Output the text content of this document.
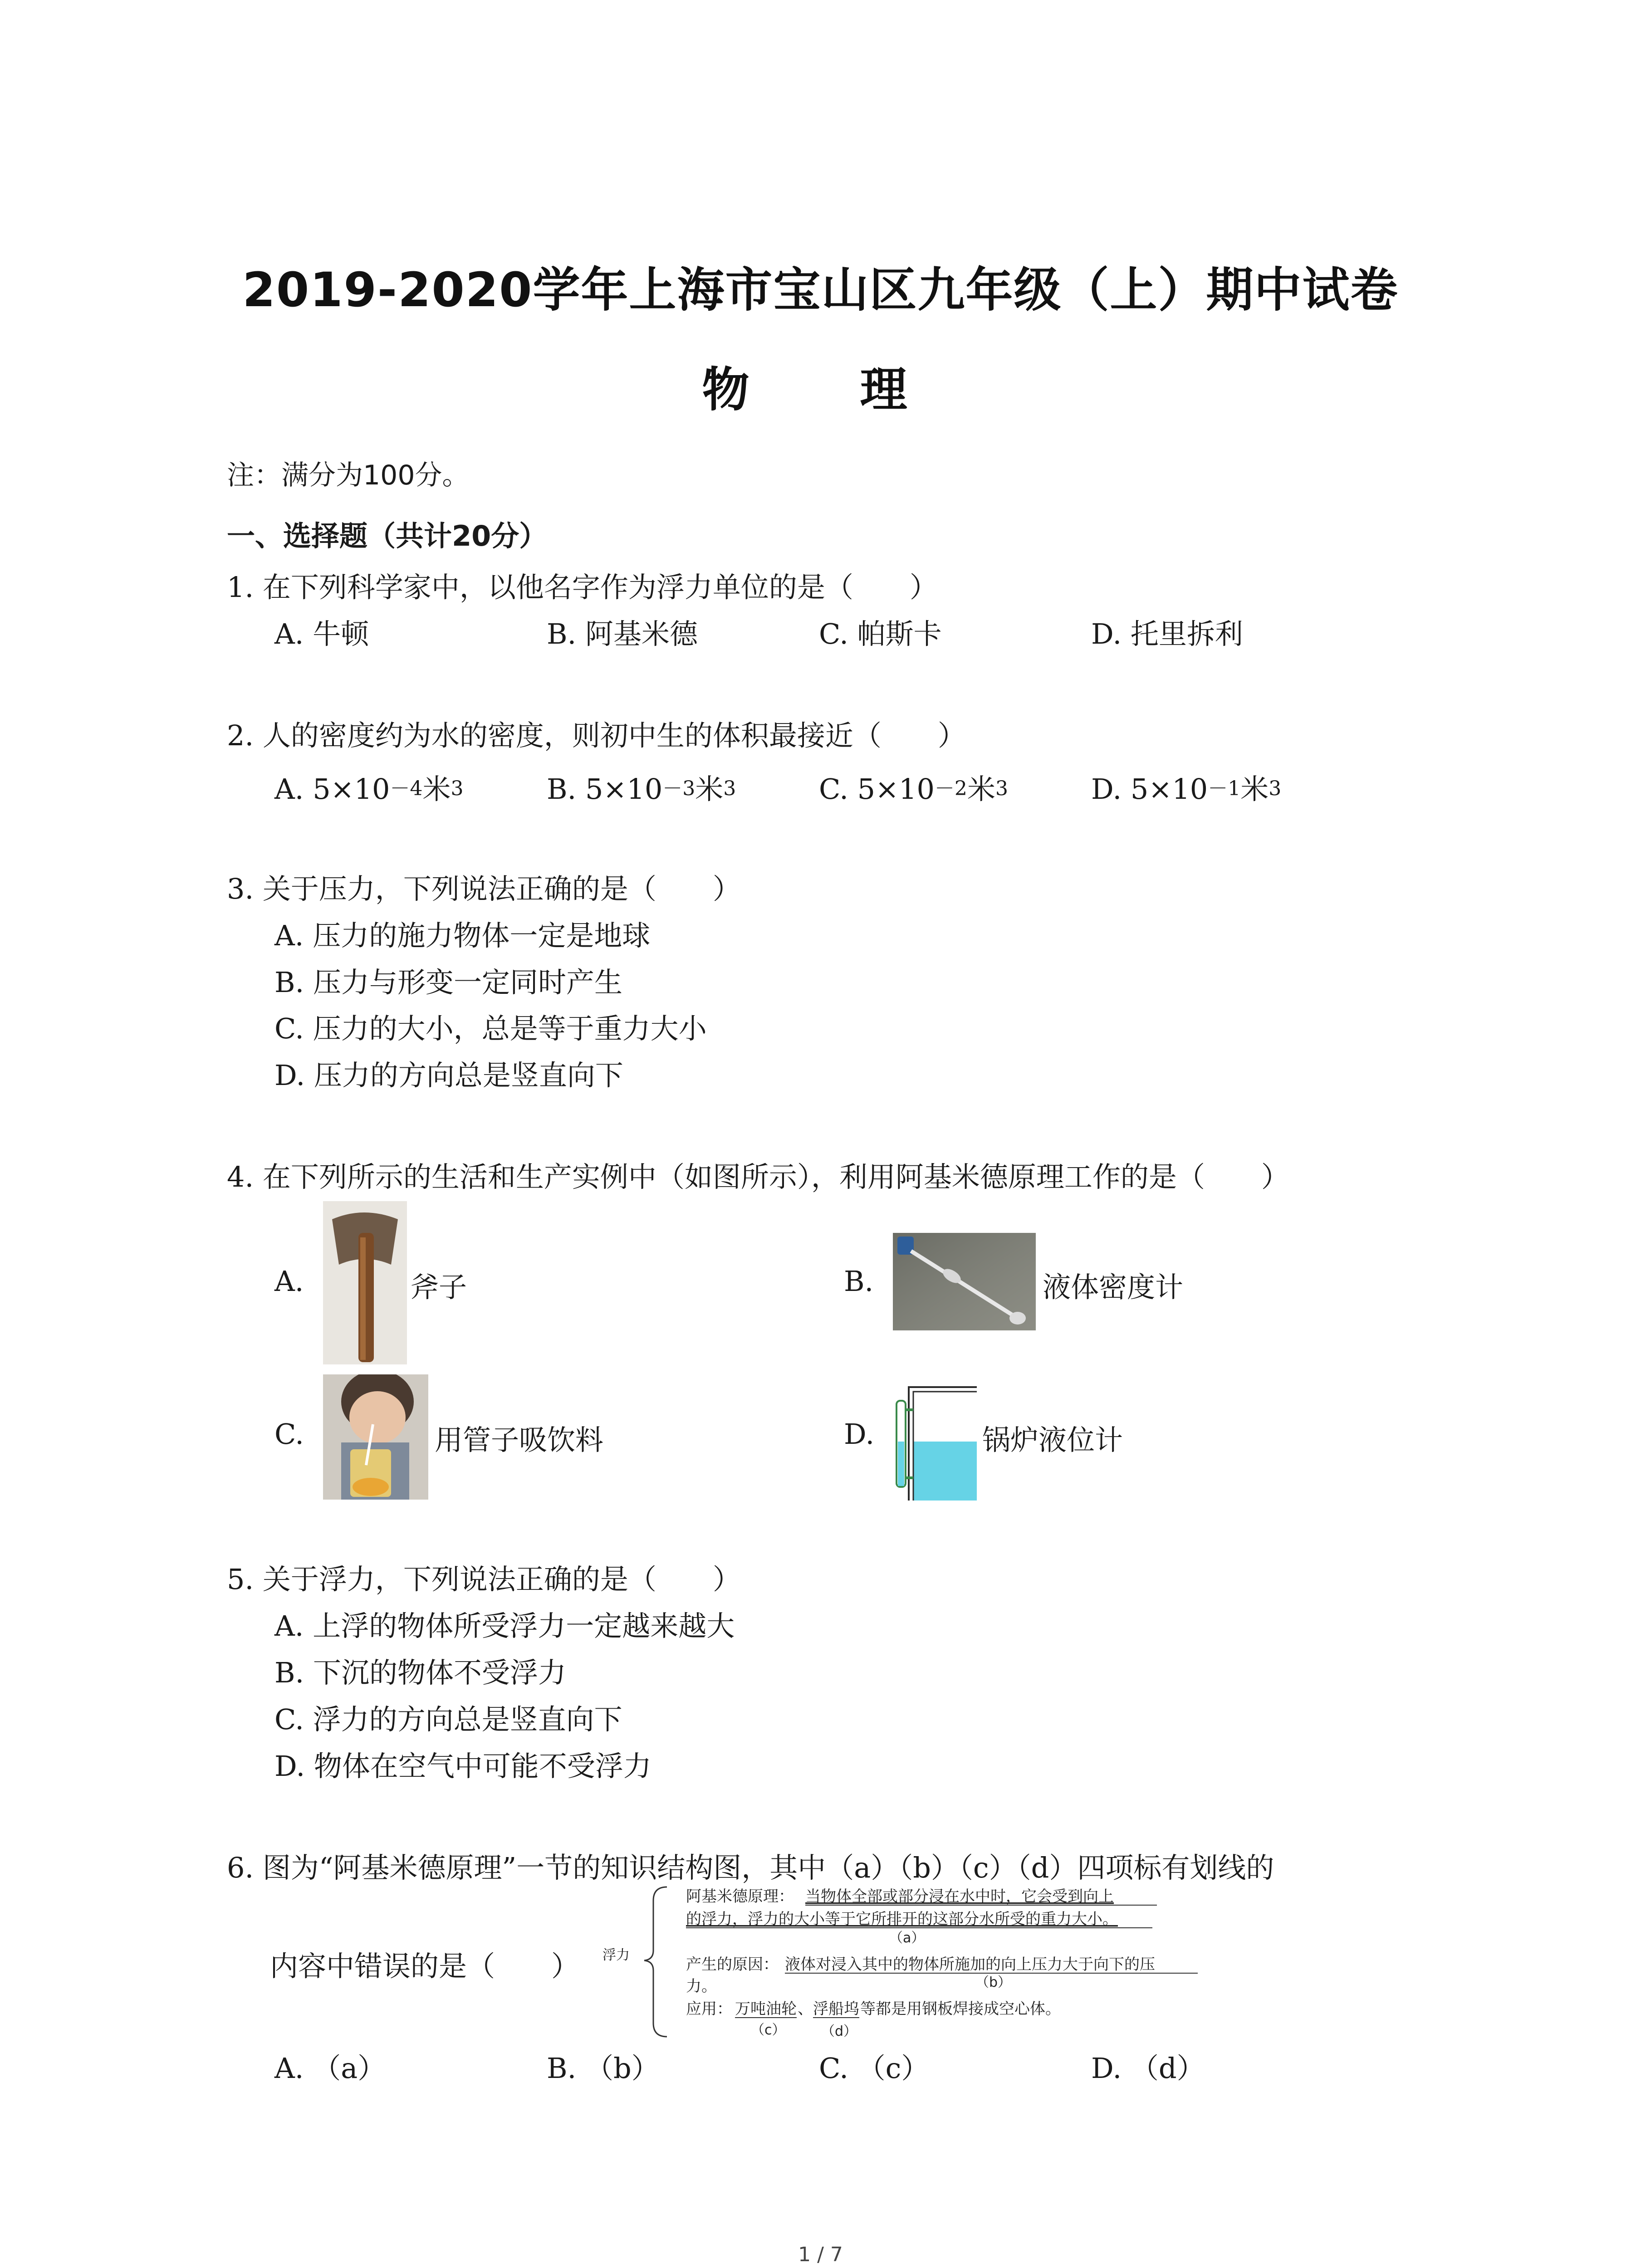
2019-2020学年上海市宝山区九年级（上）期中试卷
物　理
注：满分为100分。
一、选择题（共计20分）
1. 在下列科学家中，以他名字作为浮力单位的是（　　）
A. 牛顿	B. 阿基米德	C. 帕斯卡	D. 托里拆利
2. 人的密度约为水的密度，则初中生的体积最接近（　　）
A. $5\times 10^{-4}$米$^3$	B. $5\times 10^{-3}$米$^3$	C. $5\times 10^{-2}$米$^3$	D. $5\times 10^{-1}$米$^3$
3. 关于压力，下列说法正确的是（　　）
A. 压力的施力物体一定是地球
B. 压力与形变一定同时产生
C. 压力的大小，总是等于重力大小
D. 压力的方向总是竖直向下
4. 在下列所示的生活和生产实例中（如图所示），利用阿基米德原理工作的是（　　）
A.	斧子	B.	液体密度计
C.	用管子吸饮料	D.	锅炉液位计
5. 关于浮力，下列说法正确的是（　　）
A. 上浮的物体所受浮力一定越来越大
B. 下沉的物体不受浮力
C. 浮力的方向总是竖直向下
D. 物体在空气中可能不受浮力
6. 图为“阿基米德原理”一节的知识结构图，其中（a）（b）（c）（d）四项标有划线的
内容中错误的是（　　） 浮力
阿基米德原理： 当物体全部或部分浸在水中时，它会受到向上
的浮力，浮力的大小等于它所排开的这部分水所受的重力大小。
（a）
产生的原因： 液体对浸入其中的物体所施加的向上压力大于向下的压
力。	（b）
应用： 万吨油轮 、 浮船坞 等都是用钢板焊接成空心体。
（c）	（d）
A. （a）	B. （b）	C. （c）	D. （d）
1 / 7
